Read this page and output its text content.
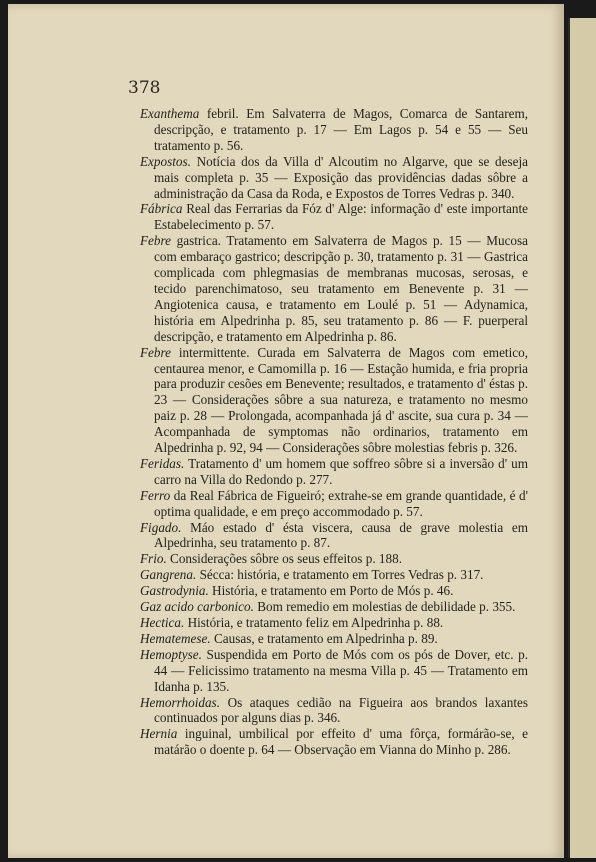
378

Exanthema febril. Em Salvaterra de Magos, Comarca de Santarem, descripção, e tratamento p. 17 — Em Lagos p. 54 e 55 — Seu tratamento p. 56.

Expostos. Notícia dos da Villa d' Alcoutim no Algarve, que se deseja mais completa p. 35 — Exposição das providências dadas sôbre a administração da Casa da Roda, e Expostos de Torres Vedras p. 340.

Fábrica Real das Ferrarias da Fóz d' Alge: informação d' este importante Estabelecimento p. 57.

Febre gastrica. Tratamento em Salvaterra de Magos p. 15 — Mucosa com embaraço gastrico; descripção p. 30, tratamento p. 31 — Gastrica complicada com phlegmasias de membranas mucosas, serosas, e tecido parenchimatoso, seu tratamento em Benevente p. 31 — Angiotenica causa, e tratamento em Loulé p. 51 — Adynamica, história em Alpedrinha p. 85, seu tratamento p. 86 — F. puerperal descripção, e tratamento em Alpedrinha p. 86.

Febre intermittente. Curada em Salvaterra de Magos com emetico, centaurea menor, e Camomilla p. 16 — Estação humida, e fria propria para produzir cesões em Benevente; resultados, e tratamento d' éstas p. 23 — Considerações sôbre a sua natureza, e tratamento no mesmo paiz p. 28 — Prolongada, acompanhada já d' ascite, sua cura p. 34 — Acompanhada de symptomas não ordinarios, tratamento em Alpedrinha p. 92, 94 — Considerações sôbre molestias febris p. 326.

Feridas. Tratamento d' um homem que soffreo sôbre si a inversão d' um carro na Villa do Redondo p. 277.

Ferro da Real Fábrica de Figueiró; extrahe-se em grande quantidade, é d' optima qualidade, e em preço accommodado p. 57.

Figado. Máo estado d' ésta viscera, causa de grave molestia em Alpedrinha, seu tratamento p. 87.

Frio. Considerações sôbre os seus effeitos p. 188.

Gangrena. Sécca: história, e tratamento em Torres Vedras p. 317.

Gastrodynia. História, e tratamento em Porto de Mós p. 46.

Gaz acido carbonico. Bom remedio em molestias de debilidade p. 355.

Hectica. História, e tratamento feliz em Alpedrinha p. 88.

Hematemese. Causas, e tratamento em Alpedrinha p. 89.

Hemoptyse. Suspendida em Porto de Mós com os pós de Dover, etc. p. 44 — Felicissimo tratamento na mesma Villa p. 45 — Tratamento em Idanha p. 135.

Hemorrhoidas. Os ataques cedião na Figueira aos brandos laxantes continuados por alguns dias p. 346.

Hernia inguinal, umbilical por effeito d' uma fôrça, formárão-se, e matárão o doente p. 64 — Observação em Vianna do Minho p. 286.
